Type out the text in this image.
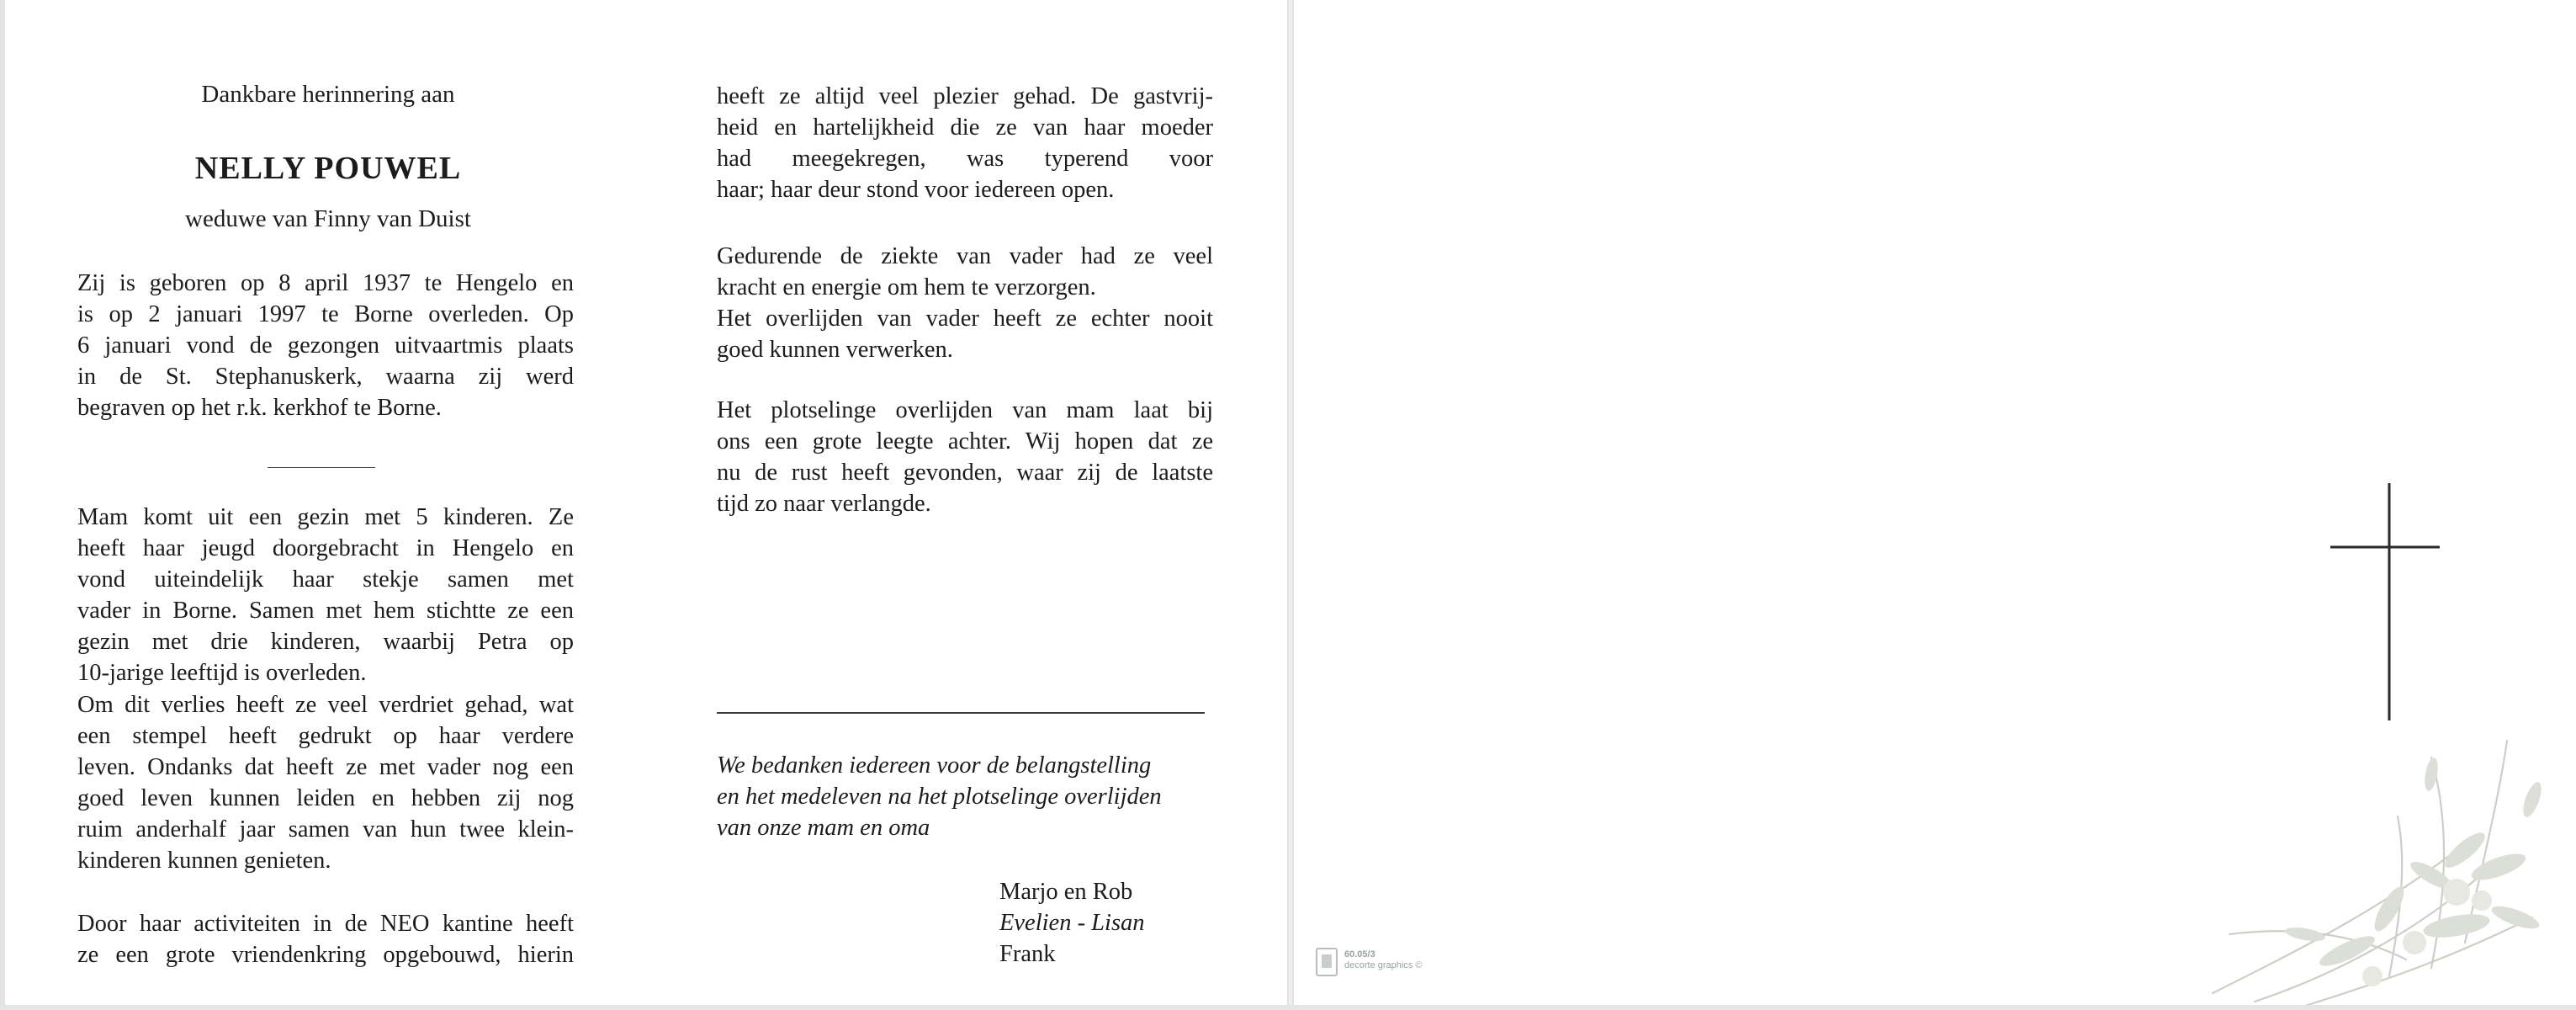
Dankbare herinnering aan
NELLY POUWEL
weduwe van Finny van Duist

Zij is geboren op 8 april 1937 te Hengelo en

is op 2 januari 1997 te Borne overleden. Op

6 januari vond de gezongen uitvaartmis plaats

in de St. Stephanuskerk, waarna zij werd

begraven op het r.k. kerkhof te Borne.

Mam komt uit een gezin met 5 kinderen. Ze

heeft haar jeugd doorgebracht in Hengelo en

vond uiteindelijk haar stekje samen met

vader in Borne. Samen met hem stichtte ze een

gezin met drie kinderen, waarbij Petra op

10-jarige leeftijd is overleden.

Om dit verlies heeft ze veel verdriet gehad, wat

een stempel heeft gedrukt op haar verdere

leven. Ondanks dat heeft ze met vader nog een

goed leven kunnen leiden en hebben zij nog

ruim anderhalf jaar samen van hun twee klein-

kinderen kunnen genieten.

Door haar activiteiten in de NEO kantine heeft

ze een grote vriendenkring opgebouwd, hierin

heeft ze altijd veel plezier gehad. De gastvrij-

heid en hartelijkheid die ze van haar moeder

had meegekregen, was typerend voor

haar; haar deur stond voor iedereen open.

Gedurende de ziekte van vader had ze veel

kracht en energie om hem te verzorgen.

Het overlijden van vader heeft ze echter nooit

goed kunnen verwerken.

Het plotselinge overlijden van mam laat bij

ons een grote leegte achter. Wij hopen dat ze

nu de rust heeft gevonden, waar zij de laatste

tijd zo naar verlangde.

We bedanken iedereen voor de belangstelling
en het medeleven na het plotselinge overlijden
van onze mam en oma
Marjo en Rob
Evelien - Lisan
Frank	60.05/3
decorte graphics ©
